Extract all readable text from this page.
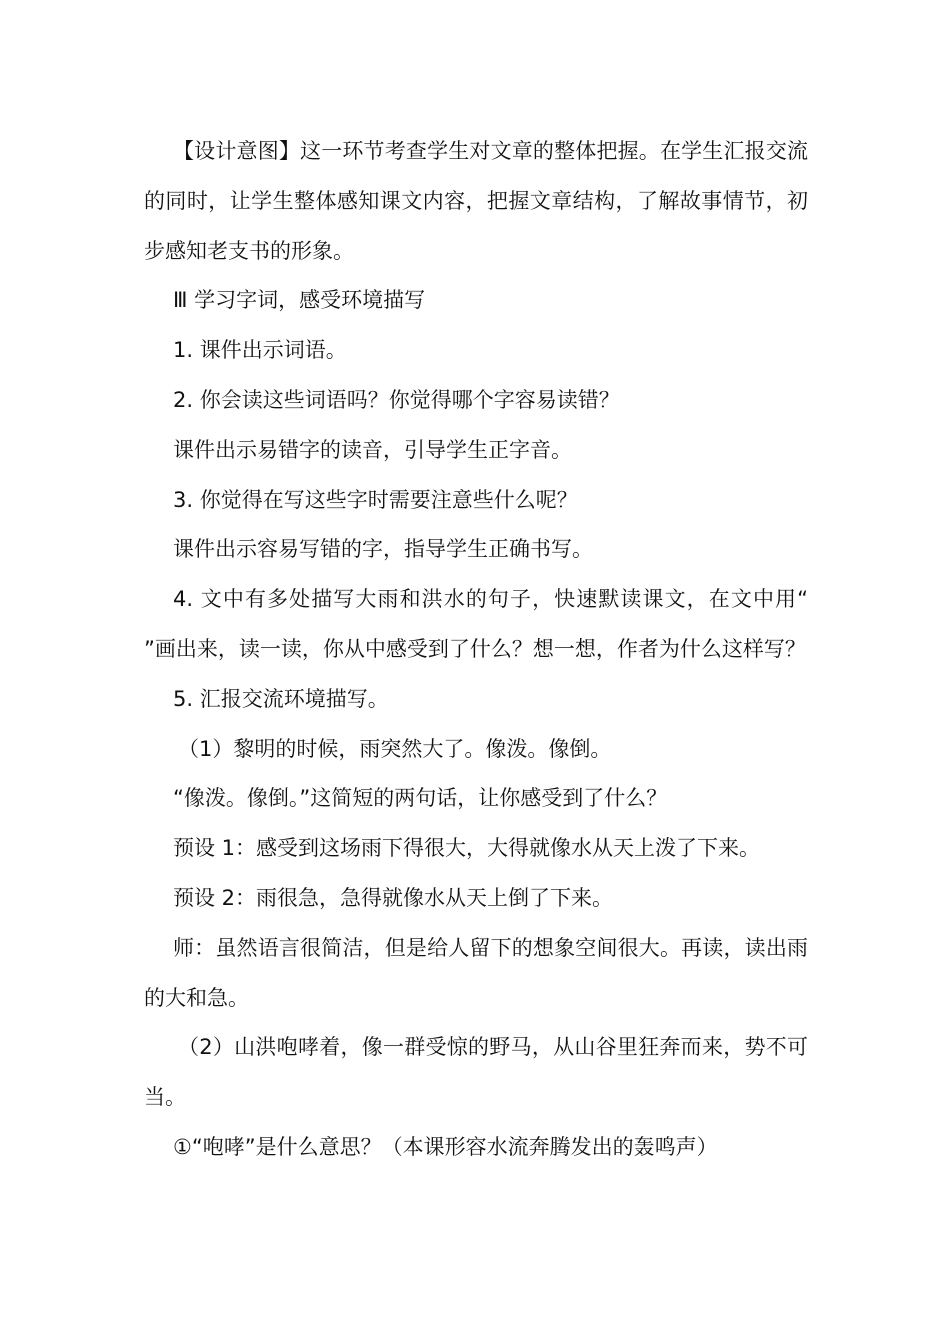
【设计意图】这一环节考查学生对文章的整体把握。在学生汇报交流的同时，让学生整体感知课文内容，把握文章结构，了解故事情节，初步感知老支书的形象。

Ⅲ 学习字词，感受环境描写

1. 课件出示词语。

2. 你会读这些词语吗？你觉得哪个字容易读错？

课件出示易错字的读音，引导学生正字音。

3. 你觉得在写这些字时需要注意些什么呢？

课件出示容易写错的字，指导学生正确书写。

4. 文中有多处描写大雨和洪水的句子，快速默读课文，在文中用“　 ”画出来，读一读，你从中感受到了什么？想一想，作者为什么这样写？

5. 汇报交流环境描写。

（1）黎明的时候，雨突然大了。像泼。像倒。

“像泼。像倒。”这简短的两句话，让你感受到了什么？

预设 1：感受到这场雨下得很大，大得就像水从天上泼了下来。

预设 2：雨很急，急得就像水从天上倒了下来。

师：虽然语言很简洁，但是给人留下的想象空间很大。再读，读出雨的大和急。

（2）山洪咆哮着，像一群受惊的野马，从山谷里狂奔而来，势不可当。

①“咆哮”是什么意思？（本课形容水流奔腾发出的轰鸣声）
